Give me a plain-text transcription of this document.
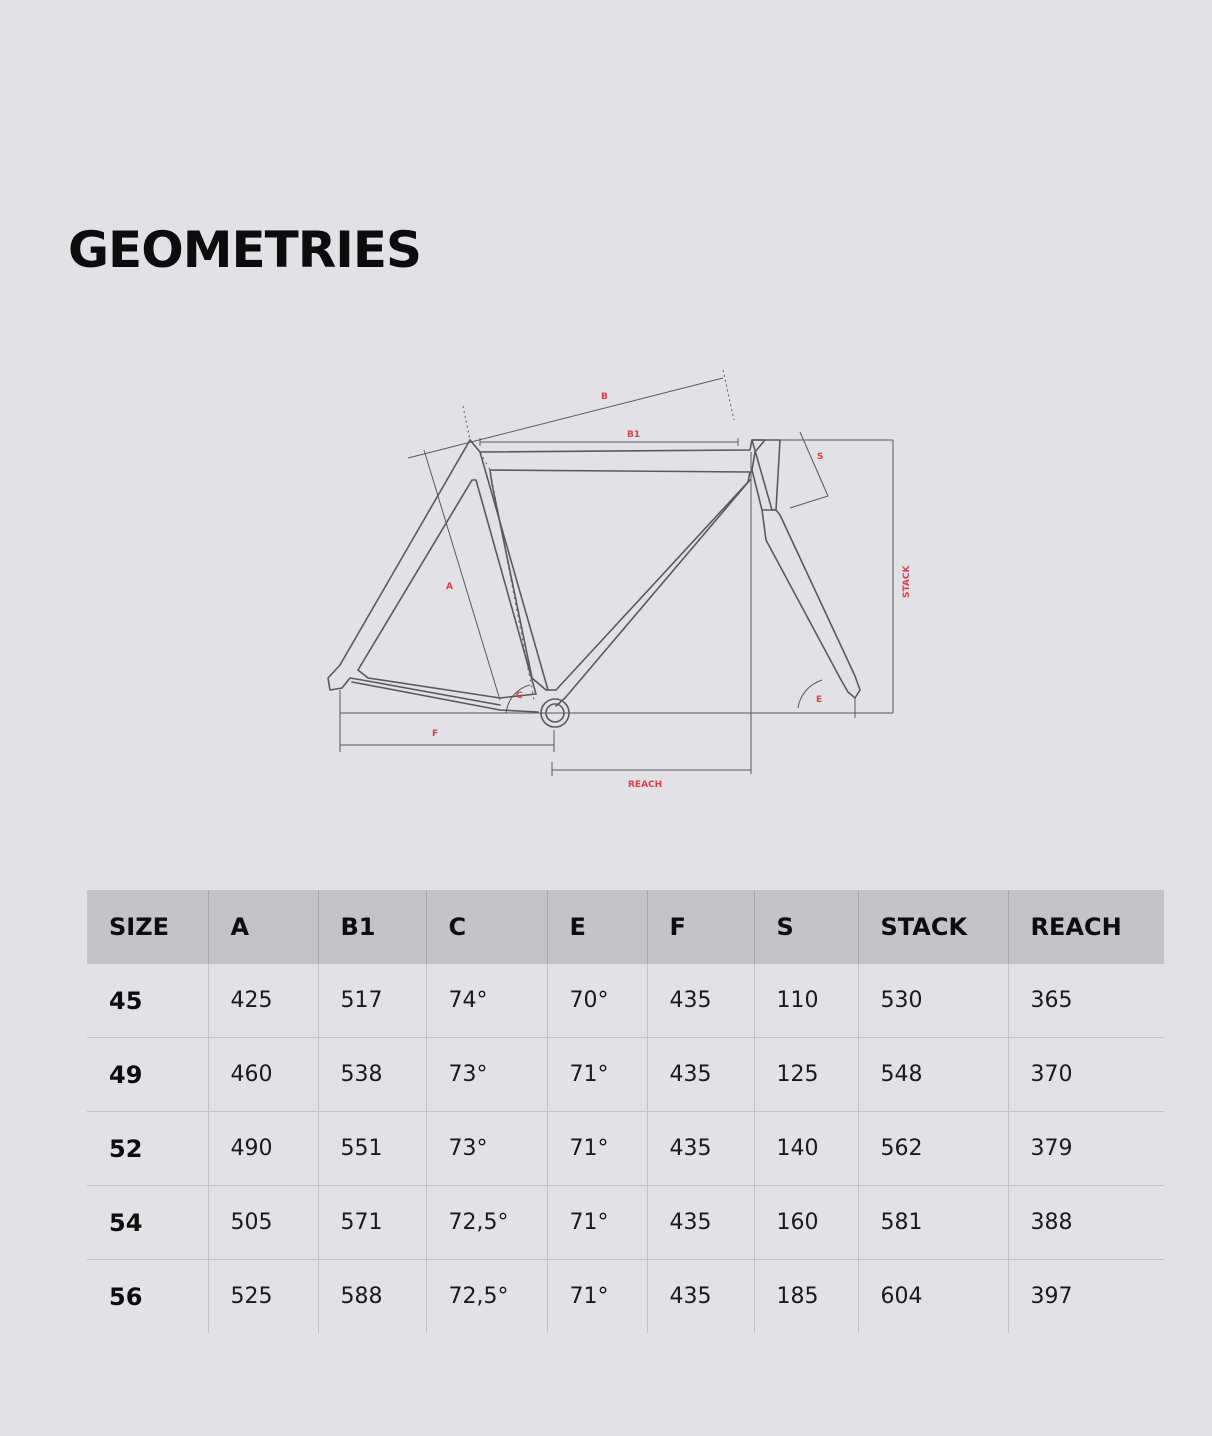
GEOMETRIES
B
B1
S
A	STACK
C	E
F
REACH
SIZE	A	B1	C	E	F	S	STACK	REACH
45	425	517	74°	70°	435	110	530	365
49	460	538	73°	71°	435	125	548	370
52	490	551	73°	71°	435	140	562	379
54	505	571	72,5°	71°	435	160	581	388
56	525	588	72,5°	71°	435	185	604	397
